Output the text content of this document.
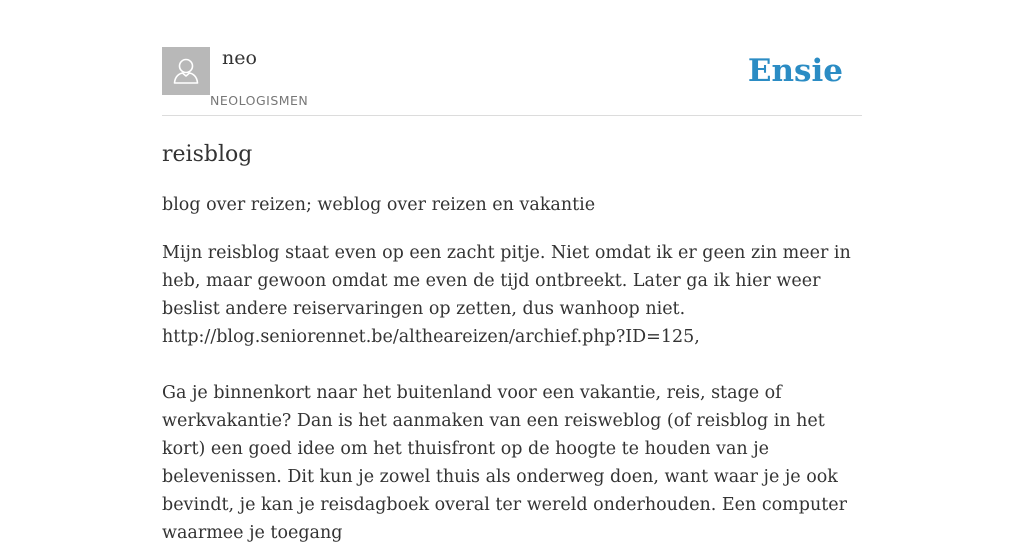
neo
NEOLOGISMEN
Ensie
reisblog
blog over reizen; weblog over reizen en vakantie

Mijn reisblog staat even op een zacht pitje. Niet omdat ik er geen zin meer in heb, maar gewoon omdat me even de tijd ontbreekt. Later ga ik hier weer beslist andere reiservaringen op zetten, dus wanhoop niet.
http://blog.seniorennet.be/altheareizen/archief.php?ID=125,

Ga je binnenkort naar het buitenland voor een vakantie, reis, stage of werkvakantie? Dan is het aanmaken van een reisweblog (of reisblog in het kort) een goed idee om het thuisfront op de hoogte te houden van je belevenissen. Dit kun je zowel thuis als onderweg doen, want waar je je ook bevindt, je kan je reisdagboek overal ter wereld onderhouden. Een computer waarmee je toegang
